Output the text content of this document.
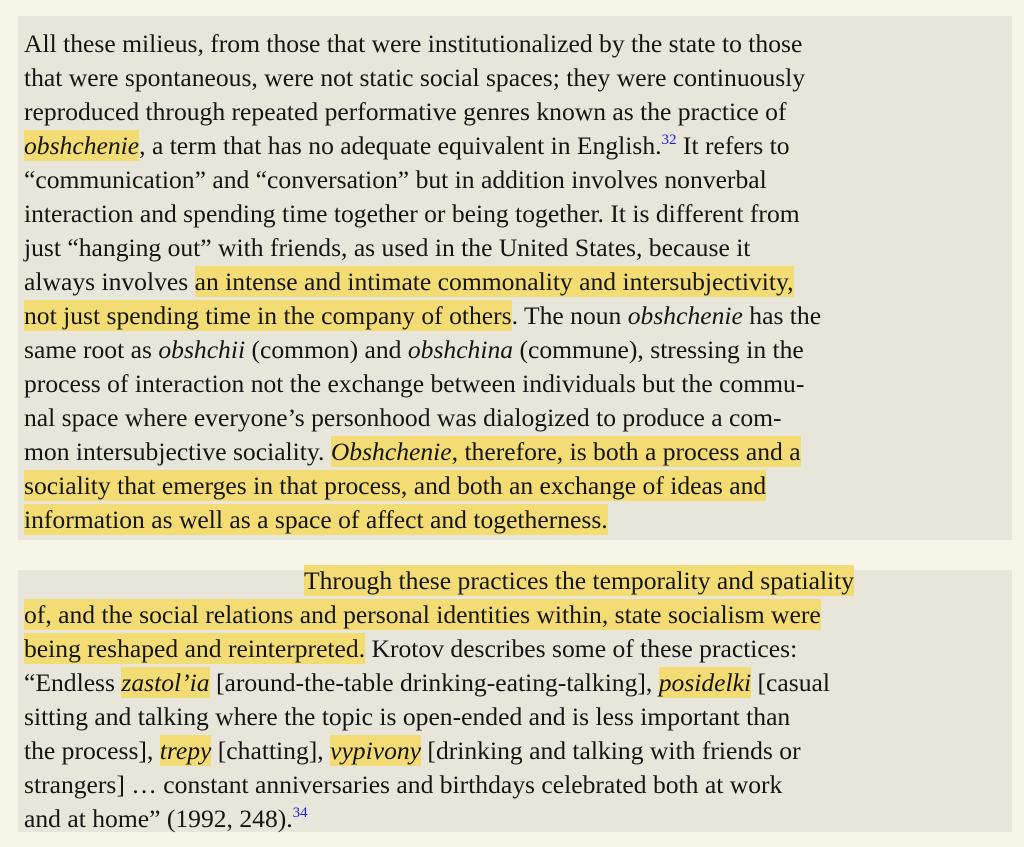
All these milieus, from those that were institutionalized by the state to those
that were spontaneous, were not static social spaces; they were continuously
reproduced through repeated performative genres known as the practice of
obshchenie, a term that has no adequate equivalent in English.$^{32}$ It refers to
“communication” and “conversation” but in addition involves nonverbal
interaction and spending time together or being together. It is different from
just “hanging out” with friends, as used in the United States, because it
always involves an intense and intimate commonality and intersubjectivity,
not just spending time in the company of others. The noun obshchenie has the
same root as obshchii (common) and obshchina (commune), stressing in the
process of interaction not the exchange between individuals but the commu-
nal space where everyone’s personhood was dialogized to produce a com-
mon intersubjective sociality. Obshchenie, therefore, is both a process and a
sociality that emerges in that process, and both an exchange of ideas and
information as well as a space of affect and togetherness.
Through these practices the temporality and spatiality
of, and the social relations and personal identities within, state socialism were
being reshaped and reinterpreted. Krotov describes some of these practices:
“Endless zastol’ia [around-the-table drinking-eating-talking], posidelki [casual
sitting and talking where the topic is open-ended and is less important than
the process], trepy [chatting], vypivony [drinking and talking with friends or
strangers] … constant anniversaries and birthdays celebrated both at work
and at home” (1992, 248).$^{34}$
